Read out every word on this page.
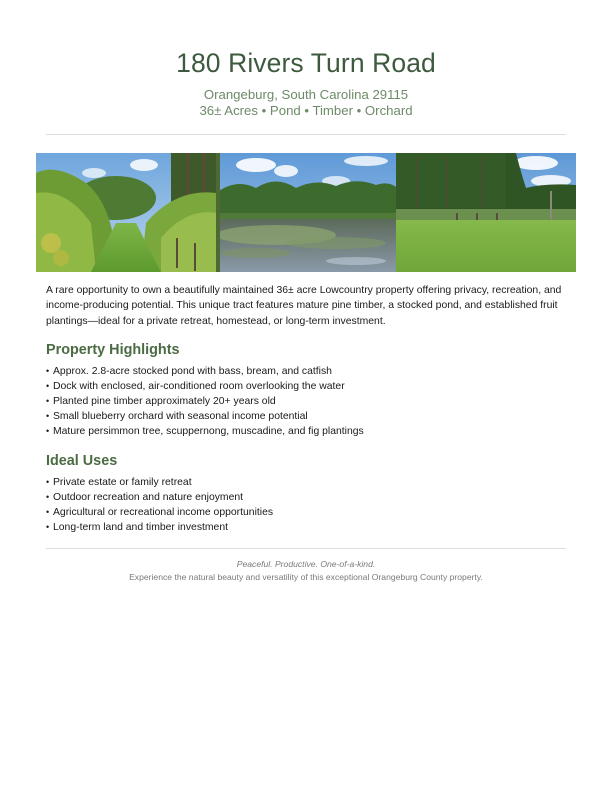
180 Rivers Turn Road
Orangeburg, South Carolina 29115
36± Acres • Pond • Timber • Orchard

A rare opportunity to own a beautifully maintained 36± acre Lowcountry property offering privacy, recreation, and income-producing potential. This unique tract features mature pine timber, a stocked pond, and established fruit plantings—ideal for a private retreat, homestead, or long-term investment.

Property Highlights
• Approx. 2.8-acre stocked pond with bass, bream, and catfish
• Dock with enclosed, air-conditioned room overlooking the water
• Planted pine timber approximately 20+ years old
• Small blueberry orchard with seasonal income potential
• Mature persimmon tree, scuppernong, muscadine, and fig plantings
Ideal Uses
• Private estate or family retreat
• Outdoor recreation and nature enjoyment
• Agricultural or recreational income opportunities
• Long-term land and timber investment
Peaceful. Productive. One-of-a-kind.
Experience the natural beauty and versatility of this exceptional Orangeburg County property.
